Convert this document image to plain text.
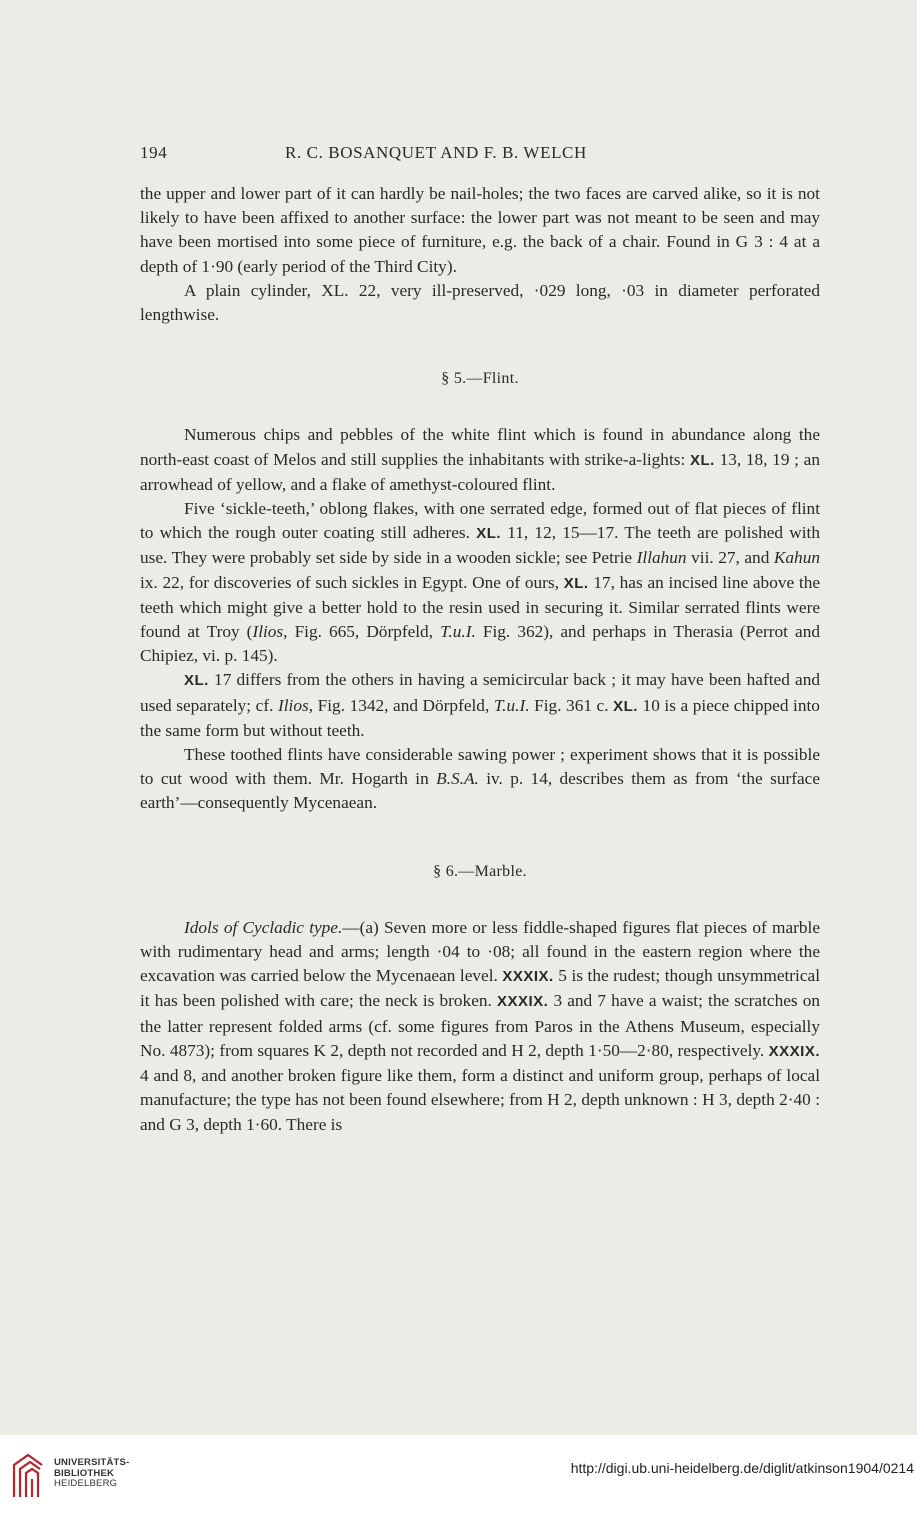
194	R. C. BOSANQUET AND F. B. WELCH

the upper and lower part of it can hardly be nail-holes; the two faces are carved alike, so it is not likely to have been affixed to another surface: the lower part was not meant to be seen and may have been mortised into some piece of furniture, e.g. the back of a chair. Found in G 3 : 4 at a depth of 1·90 (early period of the Third City).

A plain cylinder, XL. 22, very ill-preserved, ·029 long, ·03 in diameter perforated lengthwise.

§ 5.—Flint.

Numerous chips and pebbles of the white flint which is found in abundance along the north-east coast of Melos and still supplies the inhabitants with strike-a-lights: XL. 13, 18, 19 ; an arrowhead of yellow, and a flake of amethyst-coloured flint.

Five ‘sickle-teeth,’ oblong flakes, with one serrated edge, formed out of flat pieces of flint to which the rough outer coating still adheres. XL. 11, 12, 15—17. The teeth are polished with use. They were probably set side by side in a wooden sickle; see Petrie Illahun vii. 27, and Kahun ix. 22, for discoveries of such sickles in Egypt. One of ours, XL. 17, has an incised line above the teeth which might give a better hold to the resin used in securing it. Similar serrated flints were found at Troy (Ilios, Fig. 665, Dörpfeld, T.u.I. Fig. 362), and perhaps in Therasia (Perrot and Chipiez, vi. p. 145).

XL. 17 differs from the others in having a semicircular back ; it may have been hafted and used separately; cf. Ilios, Fig. 1342, and Dörpfeld, T.u.I. Fig. 361 c. XL. 10 is a piece chipped into the same form but without teeth.

These toothed flints have considerable sawing power ; experiment shows that it is possible to cut wood with them. Mr. Hogarth in B.S.A. iv. p. 14, describes them as from ‘the surface earth’—consequently Mycenaean.

§ 6.—Marble.

Idols of Cycladic type.—(a) Seven more or less fiddle-shaped figures flat pieces of marble with rudimentary head and arms; length ·04 to ·08; all found in the eastern region where the excavation was carried below the Mycenaean level. XXXIX. 5 is the rudest; though unsymmetrical it has been polished with care; the neck is broken. XXXIX. 3 and 7 have a waist; the scratches on the latter represent folded arms (cf. some figures from Paros in the Athens Museum, especially No. 4873); from squares K 2, depth not recorded and H 2, depth 1·50—2·80, respectively. XXXIX. 4 and 8, and another broken figure like them, form a distinct and uniform group, perhaps of local manufacture; the type has not been found elsewhere; from H 2, depth unknown : H 3, depth 2·40 : and G 3, depth 1·60. There is

UNIVERSITÄTS-
BIBLIOTHEK
HEIDELBERG
http://digi.ub.uni-heidelberg.de/diglit/atkinson1904/0214
